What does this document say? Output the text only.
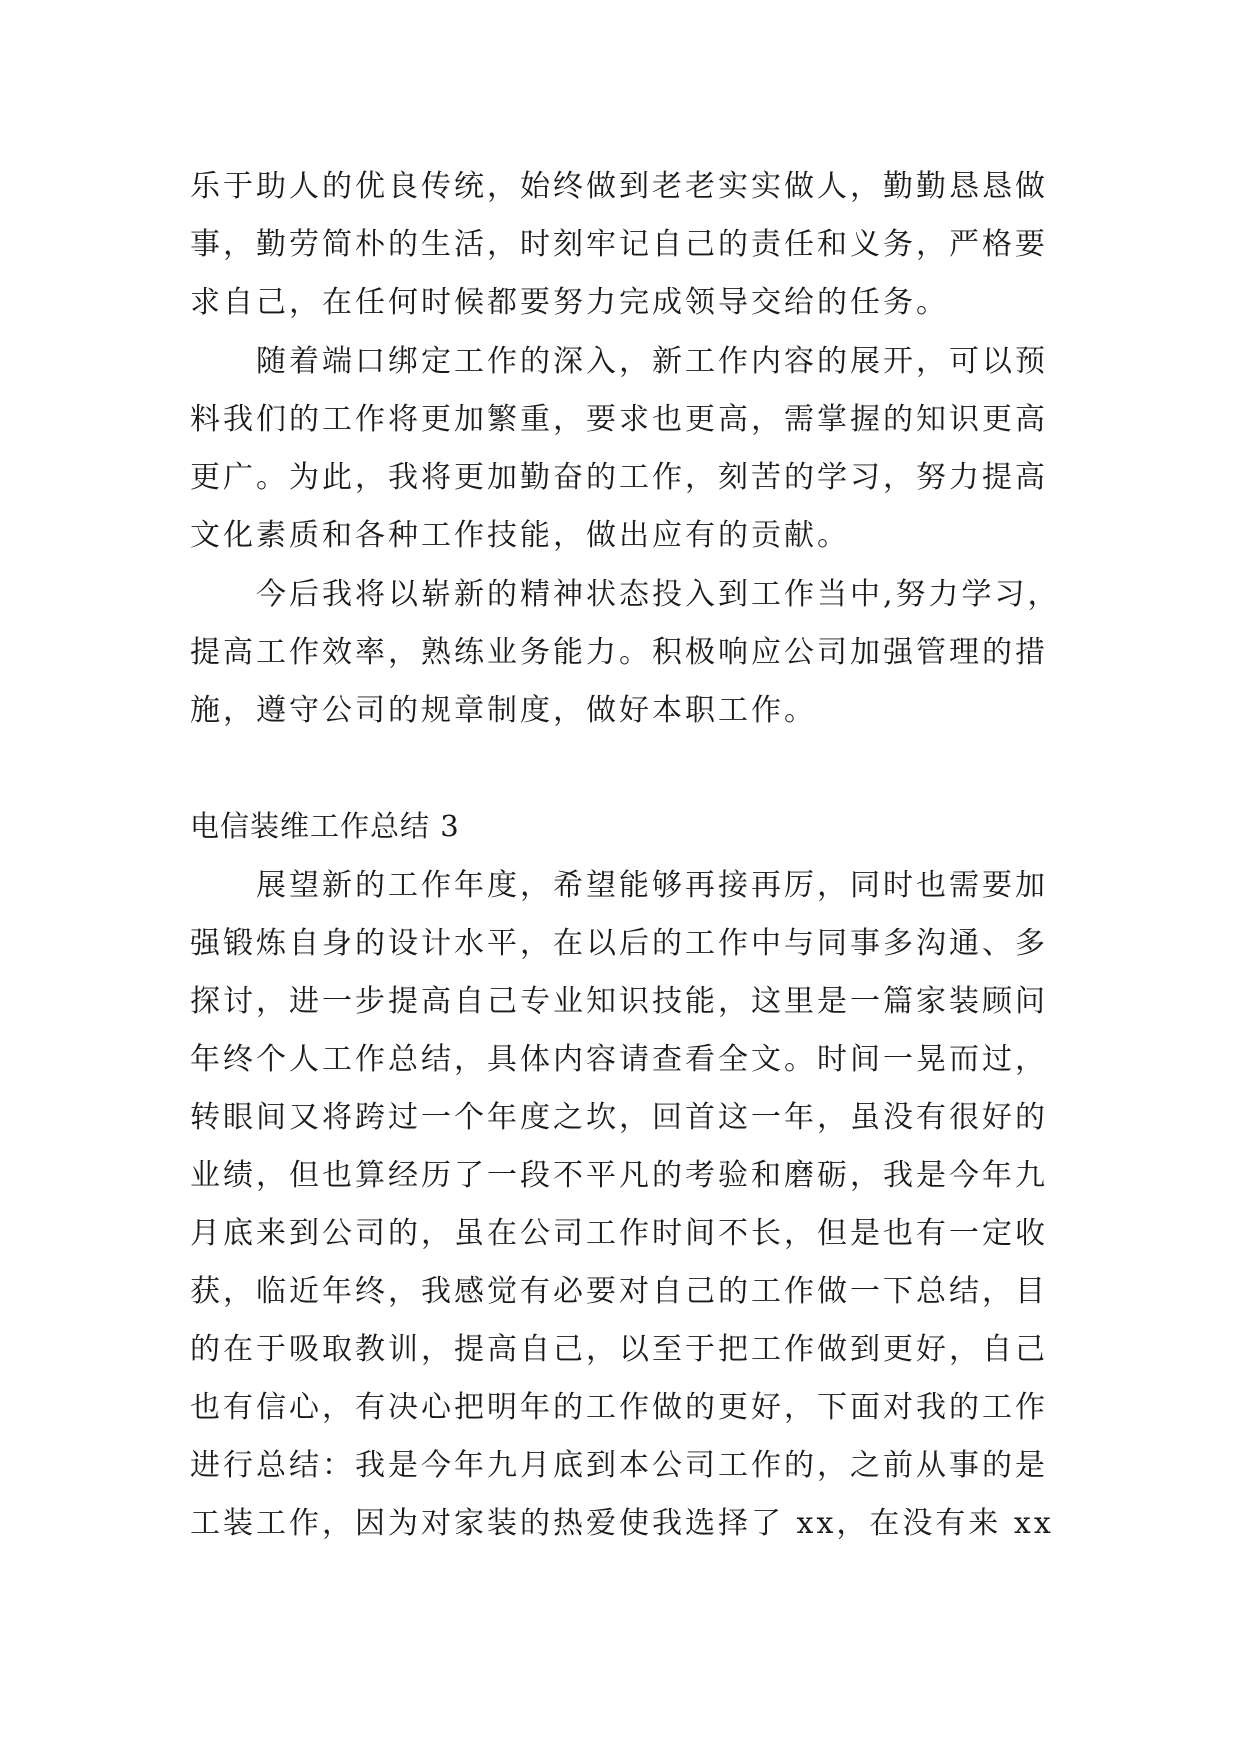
乐于助人的优良传统，始终做到老老实实做人，勤勤恳恳做
事，勤劳简朴的生活，时刻牢记自己的责任和义务，严格要
求自己，在任何时候都要努力完成领导交给的任务。
随着端口绑定工作的深入，新工作内容的展开，可以预
料我们的工作将更加繁重，要求也更高，需掌握的知识更高
更广。为此，我将更加勤奋的工作，刻苦的学习，努力提高
文化素质和各种工作技能，做出应有的贡献。
今后我将以崭新的精神状态投入到工作当中,努力学习，
提高工作效率，熟练业务能力。积极响应公司加强管理的措
施，遵守公司的规章制度，做好本职工作。
电信装维工作总结 3
展望新的工作年度，希望能够再接再厉，同时也需要加
强锻炼自身的设计水平，在以后的工作中与同事多沟通、多
探讨，进一步提高自己专业知识技能，这里是一篇家装顾问
年终个人工作总结，具体内容请查看全文。时间一晃而过，
转眼间又将跨过一个年度之坎，回首这一年，虽没有很好的
业绩，但也算经历了一段不平凡的考验和磨砺，我是今年九
月底来到公司的，虽在公司工作时间不长，但是也有一定收
获，临近年终，我感觉有必要对自己的工作做一下总结，目
的在于吸取教训，提高自己，以至于把工作做到更好，自己
也有信心，有决心把明年的工作做的更好，下面对我的工作
进行总结：我是今年九月底到本公司工作的，之前从事的是
工装工作，因为对家装的热爱使我选择了 xx，在没有来 xx
